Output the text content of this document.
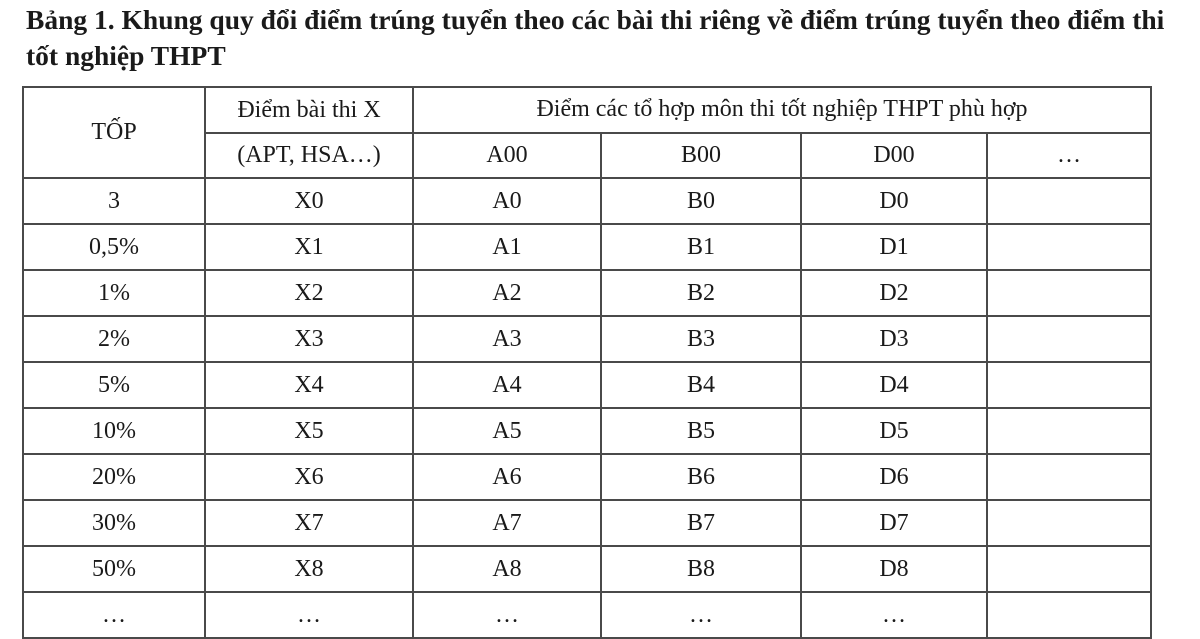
Bảng 1. Khung quy đổi điểm trúng tuyển theo các bài thi riêng về điểm trúng tuyển theo điểm thi tốt nghiệp THPT
TỐP	Điểm bài thi X	Điểm các tổ hợp môn thi tốt nghiệp THPT phù hợp			
	(APT, HSA…)	A00	B00	D00	…
3	X0	A0	B0	D0	
0,5%	X1	A1	B1	D1	
1%	X2	A2	B2	D2	
2%	X3	A3	B3	D3	
5%	X4	A4	B4	D4	
10%	X5	A5	B5	D5	
20%	X6	A6	B6	D6	
30%	X7	A7	B7	D7	
50%	X8	A8	B8	D8	
…	…	…	…	…	
